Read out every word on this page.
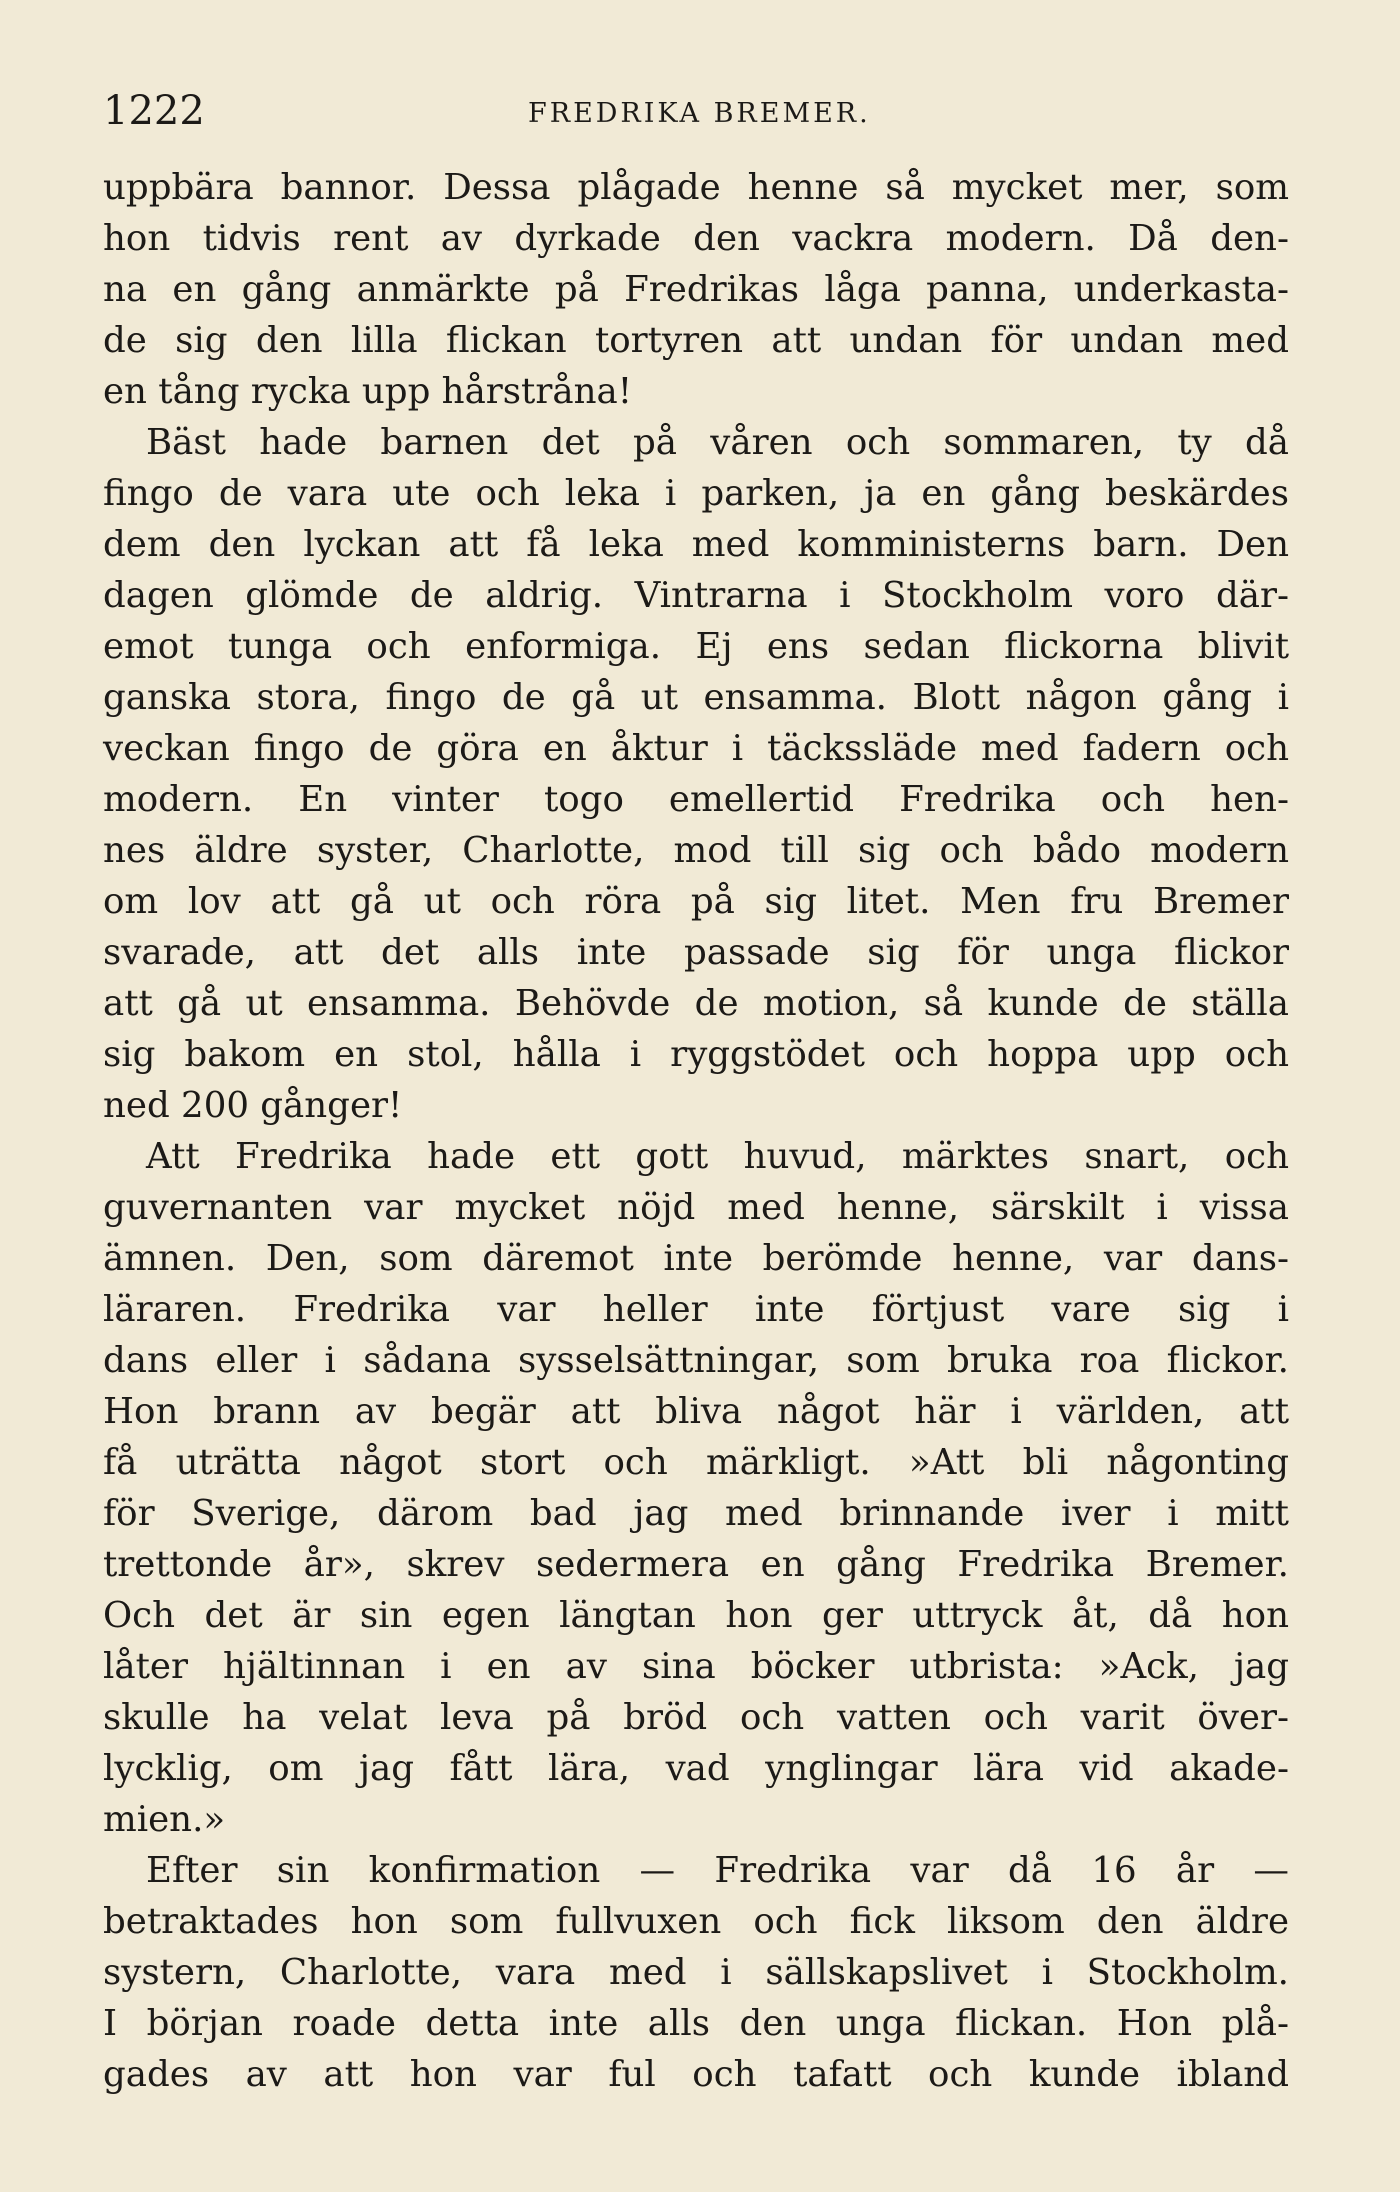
1222	FREDRIKA BREMER.
uppbära bannor. Dessa plågade henne så mycket mer, som
hon tidvis rent av dyrkade den vackra modern. Då den-
na en gång anmärkte på Fredrikas låga panna, underkasta-
de sig den lilla flickan tortyren att undan för undan med
en tång rycka upp hårstråna!
Bäst hade barnen det på våren och sommaren, ty då
fingo de vara ute och leka i parken, ja en gång beskärdes
dem den lyckan att få leka med komministerns barn. Den
dagen glömde de aldrig. Vintrarna i Stockholm voro där-
emot tunga och enformiga. Ej ens sedan flickorna blivit
ganska stora, fingo de gå ut ensamma. Blott någon gång i
veckan fingo de göra en åktur i täckssläde med fadern och
modern. En vinter togo emellertid Fredrika och hen-
nes äldre syster, Charlotte, mod till sig och bådo modern
om lov att gå ut och röra på sig litet. Men fru Bremer
svarade, att det alls inte passade sig för unga flickor
att gå ut ensamma. Behövde de motion, så kunde de ställa
sig bakom en stol, hålla i ryggstödet och hoppa upp och
ned 200 gånger!
Att Fredrika hade ett gott huvud, märktes snart, och
guvernanten var mycket nöjd med henne, särskilt i vissa
ämnen. Den, som däremot inte berömde henne, var dans-
läraren. Fredrika var heller inte förtjust vare sig i
dans eller i sådana sysselsättningar, som bruka roa flickor.
Hon brann av begär att bliva något här i världen, att
få uträtta något stort och märkligt. »Att bli någonting
för Sverige, därom bad jag med brinnande iver i mitt
trettonde år», skrev sedermera en gång Fredrika Bremer.
Och det är sin egen längtan hon ger uttryck åt, då hon
låter hjältinnan i en av sina böcker utbrista: »Ack, jag
skulle ha velat leva på bröd och vatten och varit över-
lycklig, om jag fått lära, vad ynglingar lära vid akade-
mien.»
Efter sin konfirmation — Fredrika var då 16 år —
betraktades hon som fullvuxen och fick liksom den äldre
systern, Charlotte, vara med i sällskapslivet i Stockholm.
I början roade detta inte alls den unga flickan. Hon plå-
gades av att hon var ful och tafatt och kunde ibland
